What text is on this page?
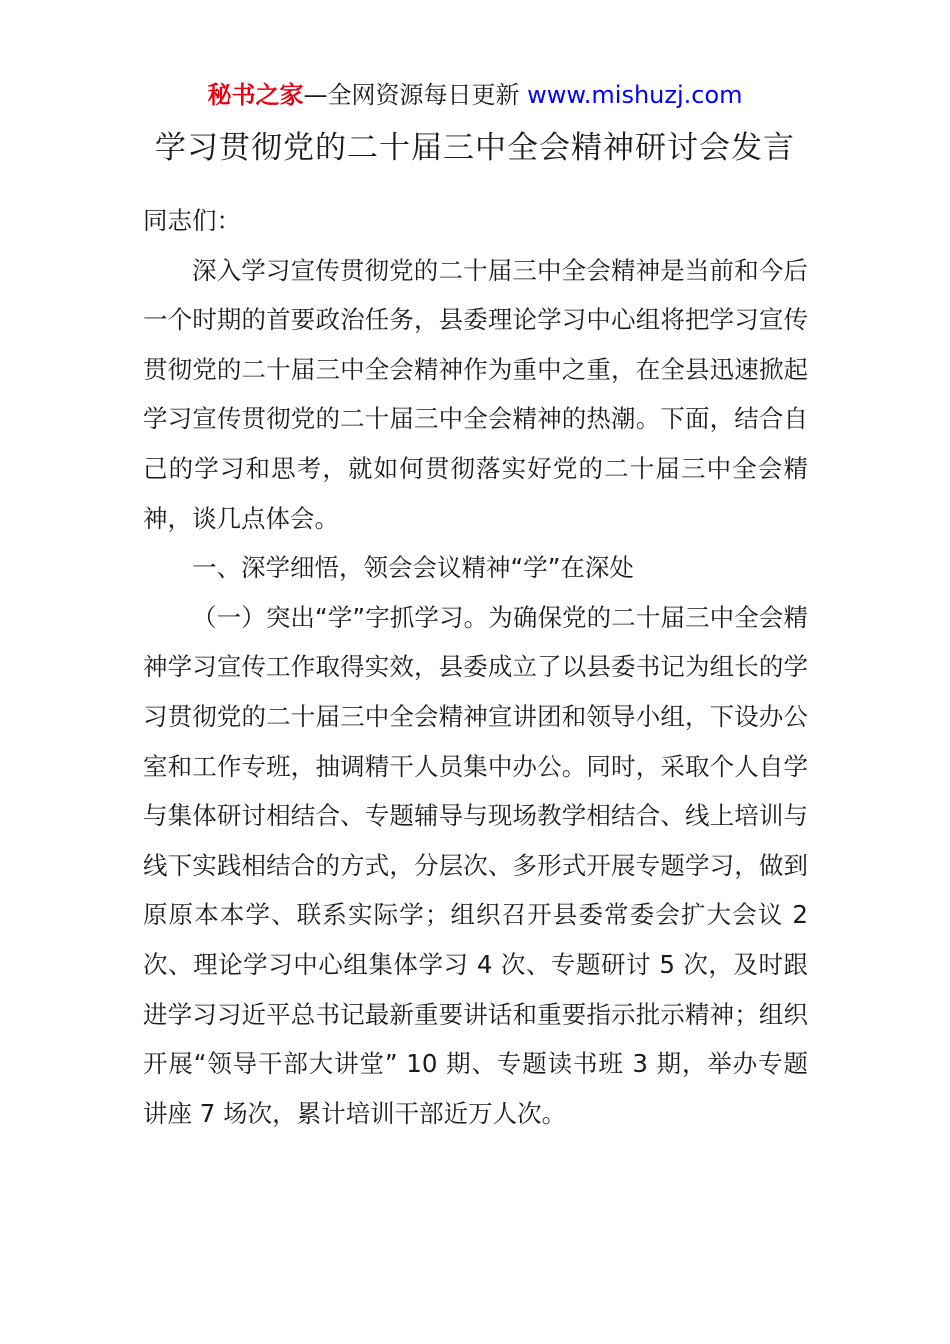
秘书之家—全网资源每日更新 www.mishuzj.com
学习贯彻党的二十届三中全会精神研讨会发言

同志们：

深入学习宣传贯彻党的二十届三中全会精神是当前和今后一个时期的首要政治任务，县委理论学习中心组将把学习宣传贯彻党的二十届三中全会精神作为重中之重，在全县迅速掀起学习宣传贯彻党的二十届三中全会精神的热潮。下面，结合自己的学习和思考，就如何贯彻落实好党的二十届三中全会精神，谈几点体会。

一、深学细悟，领会会议精神“学”在深处

（一）突出“学”字抓学习。为确保党的二十届三中全会精神学习宣传工作取得实效，县委成立了以县委书记为组长的学习贯彻党的二十届三中全会精神宣讲团和领导小组，下设办公室和工作专班，抽调精干人员集中办公。同时，采取个人自学与集体研讨相结合、专题辅导与现场教学相结合、线上培训与线下实践相结合的方式，分层次、多形式开展专题学习，做到原原本本学、联系实际学；组织召开县委常委会扩大会议 2 次、理论学习中心组集体学习 4 次、专题研讨 5 次，及时跟进学习习近平总书记最新重要讲话和重要指示批示精神；组织开展“领导干部大讲堂” 10 期、专题读书班 3 期，举办专题讲座 7 场次，累计培训干部近万人次。
